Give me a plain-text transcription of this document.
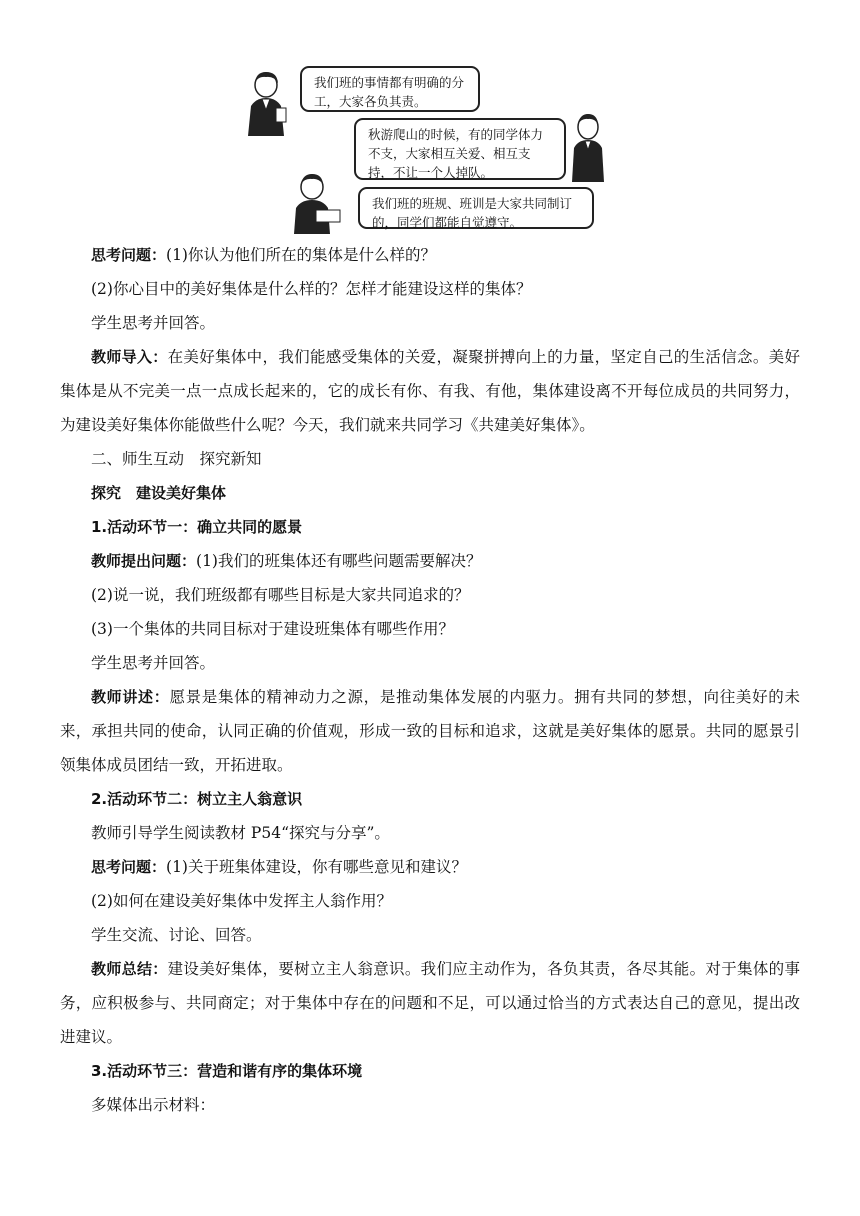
我们班的事情都有明确的分工，大家各负其责。
秋游爬山的时候，有的同学体力不支，大家相互关爱、相互支持，不让一个人掉队。
我们班的班规、班训是大家共同制订的，同学们都能自觉遵守。

思考问题：(1)你认为他们所在的集体是什么样的？

(2)你心目中的美好集体是什么样的？怎样才能建设这样的集体？

学生思考并回答。

教师导入：在美好集体中，我们能感受集体的关爱，凝聚拼搏向上的力量，坚定自己的生活信念。美好集体是从不完美一点一点成长起来的，它的成长有你、有我、有他，集体建设离不开每位成员的共同努力，为建设美好集体你能做些什么呢？今天，我们就来共同学习《共建美好集体》。

二、师生互动　探究新知

探究　建设美好集体

1.活动环节一：确立共同的愿景

教师提出问题：(1)我们的班集体还有哪些问题需要解决？

(2)说一说，我们班级都有哪些目标是大家共同追求的？

(3)一个集体的共同目标对于建设班集体有哪些作用？

学生思考并回答。

教师讲述：愿景是集体的精神动力之源，是推动集体发展的内驱力。拥有共同的梦想，向往美好的未来，承担共同的使命，认同正确的价值观，形成一致的目标和追求，这就是美好集体的愿景。共同的愿景引领集体成员团结一致，开拓进取。

2.活动环节二：树立主人翁意识

教师引导学生阅读教材 P54“探究与分享”。

思考问题：(1)关于班集体建设，你有哪些意见和建议？

(2)如何在建设美好集体中发挥主人翁作用？

学生交流、讨论、回答。

教师总结：建设美好集体，要树立主人翁意识。我们应主动作为，各负其责，各尽其能。对于集体的事务，应积极参与、共同商定；对于集体中存在的问题和不足，可以通过恰当的方式表达自己的意见，提出改进建议。

3.活动环节三：营造和谐有序的集体环境

多媒体出示材料：
